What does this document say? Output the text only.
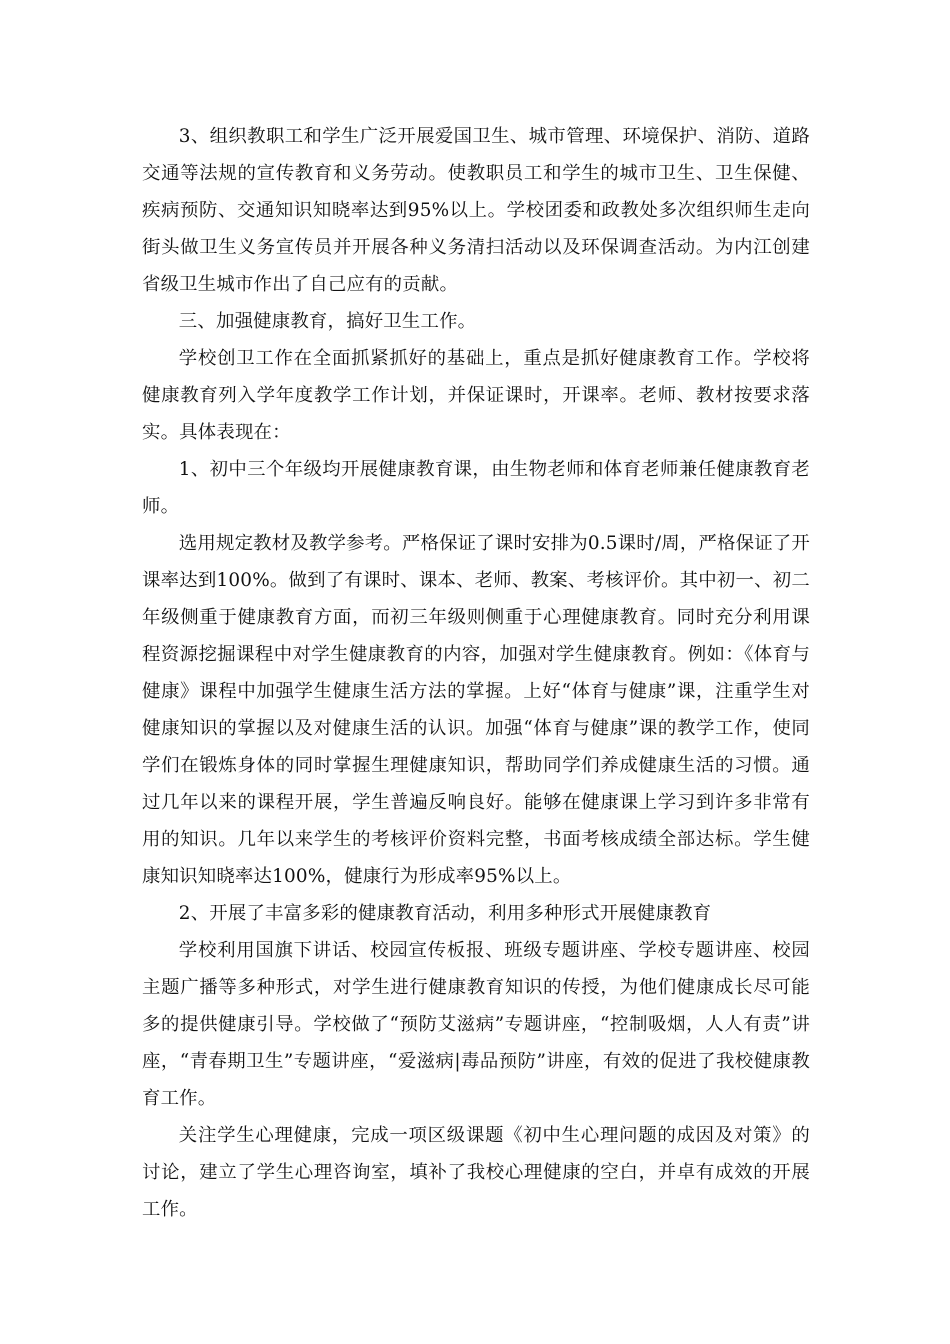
3、组织教职工和学生广泛开展爱国卫生、城市管理、环境保护、消防、道路交通等法规的宣传教育和义务劳动。使教职员工和学生的城市卫生、卫生保健、疾病预防、交通知识知晓率达到95%以上。学校团委和政教处多次组织师生走向街头做卫生义务宣传员并开展各种义务清扫活动以及环保调查活动。为内江创建省级卫生城市作出了自己应有的贡献。

三、加强健康教育，搞好卫生工作。

学校创卫工作在全面抓紧抓好的基础上，重点是抓好健康教育工作。学校将健康教育列入学年度教学工作计划，并保证课时，开课率。老师、教材按要求落实。具体表现在：

1、初中三个年级均开展健康教育课，由生物老师和体育老师兼任健康教育老师。

选用规定教材及教学参考。严格保证了课时安排为0.5课时/周，严格保证了开课率达到100%。做到了有课时、课本、老师、教案、考核评价。其中初一、初二年级侧重于健康教育方面，而初三年级则侧重于心理健康教育。同时充分利用课程资源挖掘课程中对学生健康教育的内容，加强对学生健康教育。例如：《体育与健康》课程中加强学生健康生活方法的掌握。上好“体育与健康”课，注重学生对健康知识的掌握以及对健康生活的认识。加强“体育与健康”课的教学工作，使同学们在锻炼身体的同时掌握生理健康知识，帮助同学们养成健康生活的习惯。通过几年以来的课程开展，学生普遍反响良好。能够在健康课上学习到许多非常有用的知识。几年以来学生的考核评价资料完整，书面考核成绩全部达标。学生健康知识知晓率达100%，健康行为形成率95%以上。

2、开展了丰富多彩的健康教育活动，利用多种形式开展健康教育

学校利用国旗下讲话、校园宣传板报、班级专题讲座、学校专题讲座、校园主题广播等多种形式，对学生进行健康教育知识的传授，为他们健康成长尽可能多的提供健康引导。学校做了“预防艾滋病”专题讲座，“控制吸烟，人人有责”讲座，“青春期卫生”专题讲座，“爱滋病|毒品预防”讲座，有效的促进了我校健康教育工作。

关注学生心理健康，完成一项区级课题《初中生心理问题的成因及对策》的讨论，建立了学生心理咨询室，填补了我校心理健康的空白，并卓有成效的开展工作。
